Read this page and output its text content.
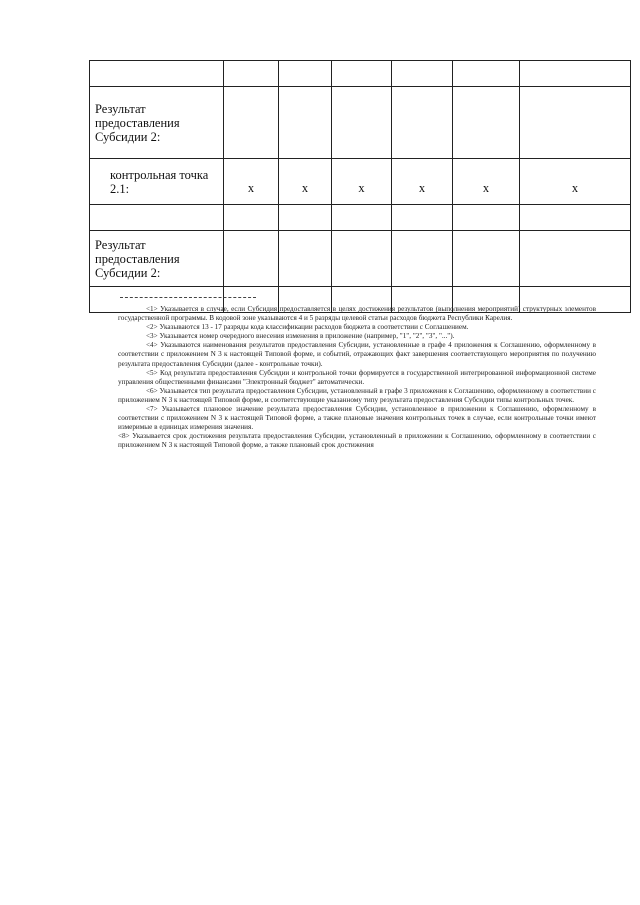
Результат предоставления Субсидии 2:						
контрольная точка 2.1:	x	x	x	x	x	x

Результат предоставления Субсидии 2:						

<1> Указывается в случае, если Субсидия предоставляется в целях достижения результатов (выполнения мероприятий) структурных элементов государственной программы. В кодовой зоне указываются 4 и 5 разряды целевой статьи расходов бюджета Республики Карелия.

<2> Указываются 13 - 17 разряды кода классификации расходов бюджета в соответствии с Соглашением.

<3> Указывается номер очередного внесения изменения в приложение (например, "1", "2", "3", "...").

<4> Указываются наименования результатов предоставления Субсидии, установленные в графе 4 приложения к Соглашению, оформленному в соответствии с приложением N 3 к настоящей Типовой форме, и событий, отражающих факт завершения соответствующего мероприятия по получению результата предоставления Субсидии (далее - контрольные точки).

<5> Код результата предоставления Субсидии и контрольной точки формируется в государственной интегрированной информационной системе управления общественными финансами "Электронный бюджет" автоматически.

<6> Указывается тип результата предоставления Субсидии, установленный в графе 3 приложения к Соглашению, оформленному в соответствии с приложением N 3 к настоящей Типовой форме, и соответствующие указанному типу результата предоставления Субсидии типы контрольных точек.

<7> Указывается плановое значение результата предоставления Субсидии, установленное в приложении к Соглашению, оформленному в соответствии с приложением N 3 к настоящей Типовой форме, а также плановые значения контрольных точек в случае, если контрольные точки имеют измеримые в единицах измерения значения.

<8> Указывается срок достижения результата предоставления Субсидии, установленный в приложении к Соглашению, оформленному в соответствии с приложением N 3 к настоящей Типовой форме, а также плановый срок достижения
